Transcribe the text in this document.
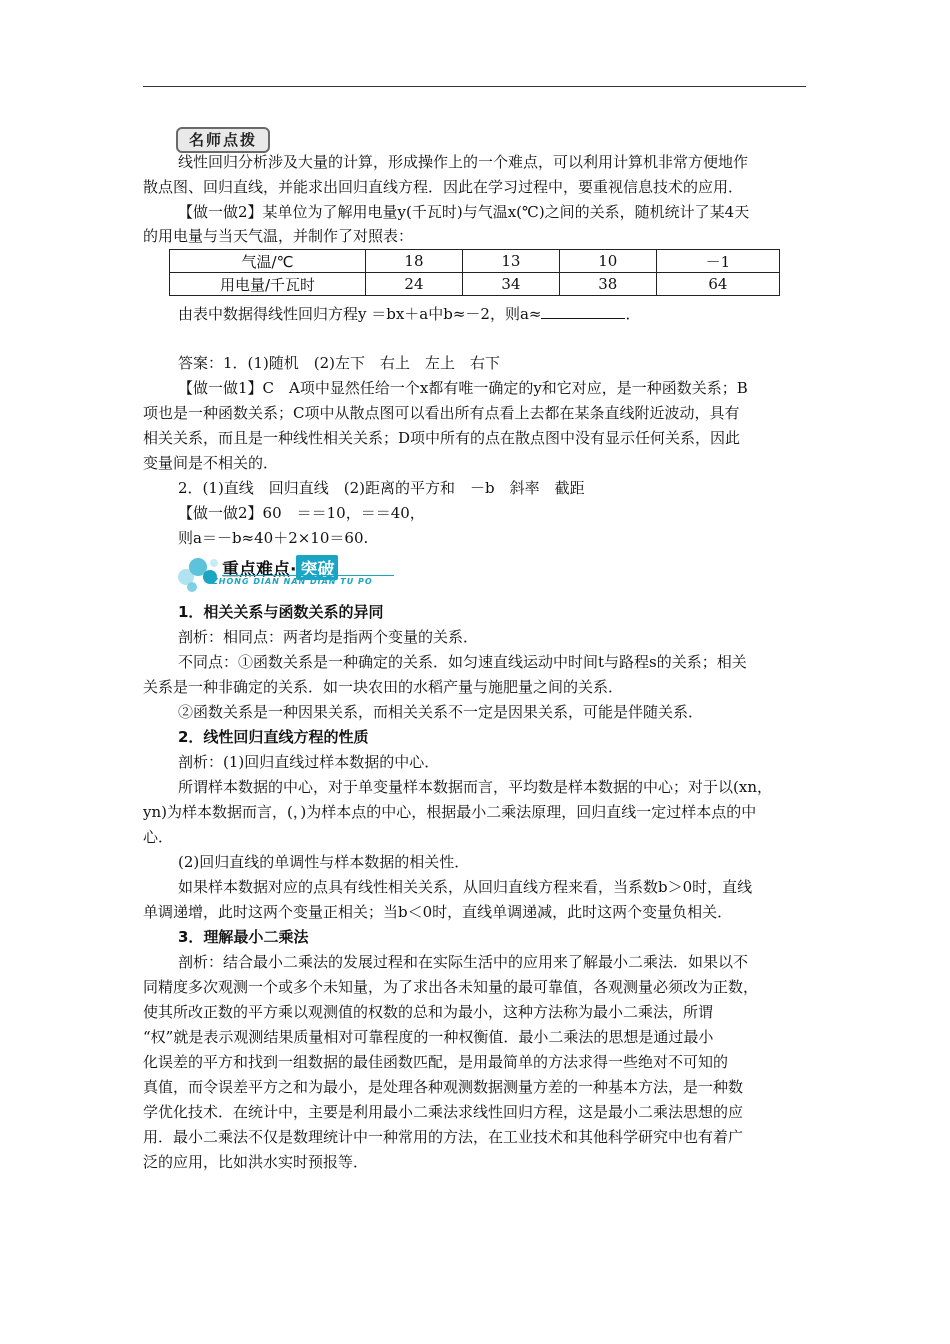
名师点拨
线性回归分析涉及大量的计算，形成操作上的一个难点，可以利用计算机非常方便地作
散点图、回归直线，并能求出回归直线方程．因此在学习过程中，要重视信息技术的应用．
【做一做2】某单位为了解用电量y(千瓦时)与气温x(℃)之间的关系，随机统计了某4天
的用电量与当天气温，并制作了对照表：
气温/℃	18	13	10	－1
用电量/千瓦时	24	34	38	64
由表中数据得线性回归方程y ＝bx＋a中b≈－2，则a≈	．
答案：1．(1)随机　(2)左下　右上　左上　右下
【做一做1】C　A项中显然任给一个x都有唯一确定的y和它对应，是一种函数关系；B
项也是一种函数关系；C项中从散点图可以看出所有点看上去都在某条直线附近波动，具有
相关关系，而且是一种线性相关关系；D项中所有的点在散点图中没有显示任何关系，因此
变量间是不相关的．
2．(1)直线　回归直线　(2)距离的平方和　－b　斜率　截距
【做一做2】60　＝＝10，＝＝40，
则a＝－b≈40＋2×10＝60.
重点难点· 突破
ZHONG DIAN NAN DIAN TU PO
1．相关关系与函数关系的异同
剖析：相同点：两者均是指两个变量的关系．
不同点：①函数关系是一种确定的关系．如匀速直线运动中时间t与路程s的关系；相关
关系是一种非确定的关系．如一块农田的水稻产量与施肥量之间的关系．
②函数关系是一种因果关系，而相关关系不一定是因果关系，可能是伴随关系．
2．线性回归直线方程的性质
剖析：(1)回归直线过样本数据的中心．
所谓样本数据的中心，对于单变量样本数据而言，平均数是样本数据的中心；对于以(xn，
yn)为样本数据而言，(，)为样本点的中心，根据最小二乘法原理，回归直线一定过样本点的中
心．
(2)回归直线的单调性与样本数据的相关性．
如果样本数据对应的点具有线性相关关系，从回归直线方程来看，当系数b＞0时，直线
单调递增，此时这两个变量正相关；当b＜0时，直线单调递减，此时这两个变量负相关．
3．理解最小二乘法
剖析：结合最小二乘法的发展过程和在实际生活中的应用来了解最小二乘法．如果以不
同精度多次观测一个或多个未知量，为了求出各未知量的最可靠值，各观测量必须改为正数，
使其所改正数的平方乘以观测值的权数的总和为最小，这种方法称为最小二乘法，所谓
“权”就是表示观测结果质量相对可靠程度的一种权衡值．最小二乘法的思想是通过最小
化误差的平方和找到一组数据的最佳函数匹配，是用最简单的方法求得一些绝对不可知的
真值，而令误差平方之和为最小，是处理各种观测数据测量方差的一种基本方法，是一种数
学优化技术．在统计中，主要是利用最小二乘法求线性回归方程，这是最小二乘法思想的应
用．最小二乘法不仅是数理统计中一种常用的方法，在工业技术和其他科学研究中也有着广
泛的应用，比如洪水实时预报等．
